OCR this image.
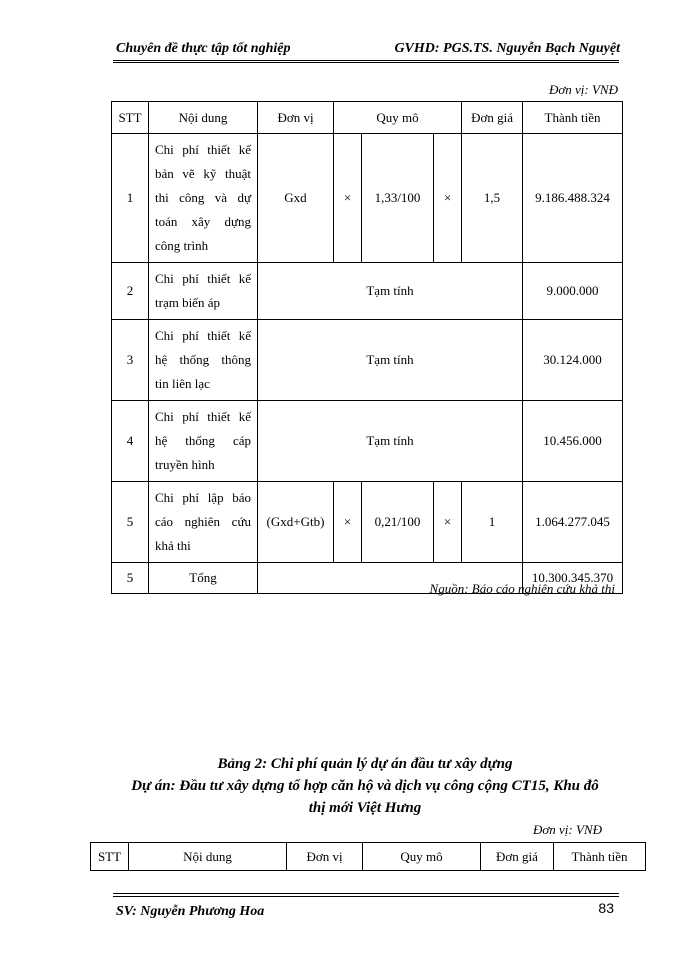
Chuyên đề thực tập tốt nghiệp	GVHD: PGS.TS. Nguyễn Bạch Nguyệt
Đơn vị: VNĐ
STT	Nội dung	Đơn vị	Quy mô			Đơn giá	Thành tiền
1	Chi phí thiết kế
bản vẽ kỹ thuật
thi công và dự
toán xây dựng
công trình	Gxd	×	1,33/100	×	1,5	9.186.488.324
2	Chi phí thiết kế
trạm biến áp	Tạm tính					9.000.000
3	Chi phí thiết kế
hệ thống thông
tin liên lạc	Tạm tính					30.124.000
4	Chi phí thiết kế
hệ thống cáp
truyền hình	Tạm tính					10.456.000
5	Chi phí lập báo
cáo nghiên cứu
khả thi	(Gxd+Gtb)	×	0,21/100	×	1	1.064.277.045
5	Tổng						10.300.345.370
Nguồn: Báo cáo nghiên cứu khả thi
Bảng 2: Chi phí quản lý dự án đầu tư xây dựng
Dự án: Đầu tư xây dựng tổ hợp căn hộ và dịch vụ công cộng CT15, Khu đô
thị mới Việt Hưng
Đơn vị: VNĐ
STT	Nội dung	Đơn vị	Quy mô	Đơn giá	Thành tiền
SV: Nguyễn Phương Hoa	83
